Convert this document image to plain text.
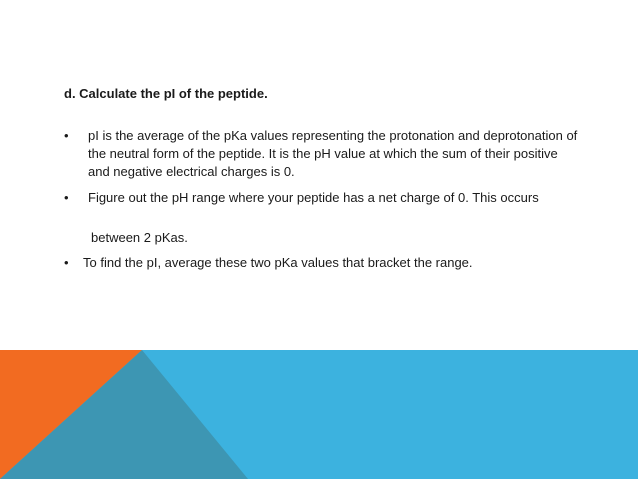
d. Calculate the pI of the peptide.
• pI is the average of the pKa values representing the protonation and deprotonation of the neutral form of the peptide. It is the pH value at which the sum of their positive and negative electrical charges is 0.
• Figure out the pH range where your peptide has a net charge of 0. This occurs
between 2 pKas.
• To find the pI, average these two pKa values that bracket the range.
